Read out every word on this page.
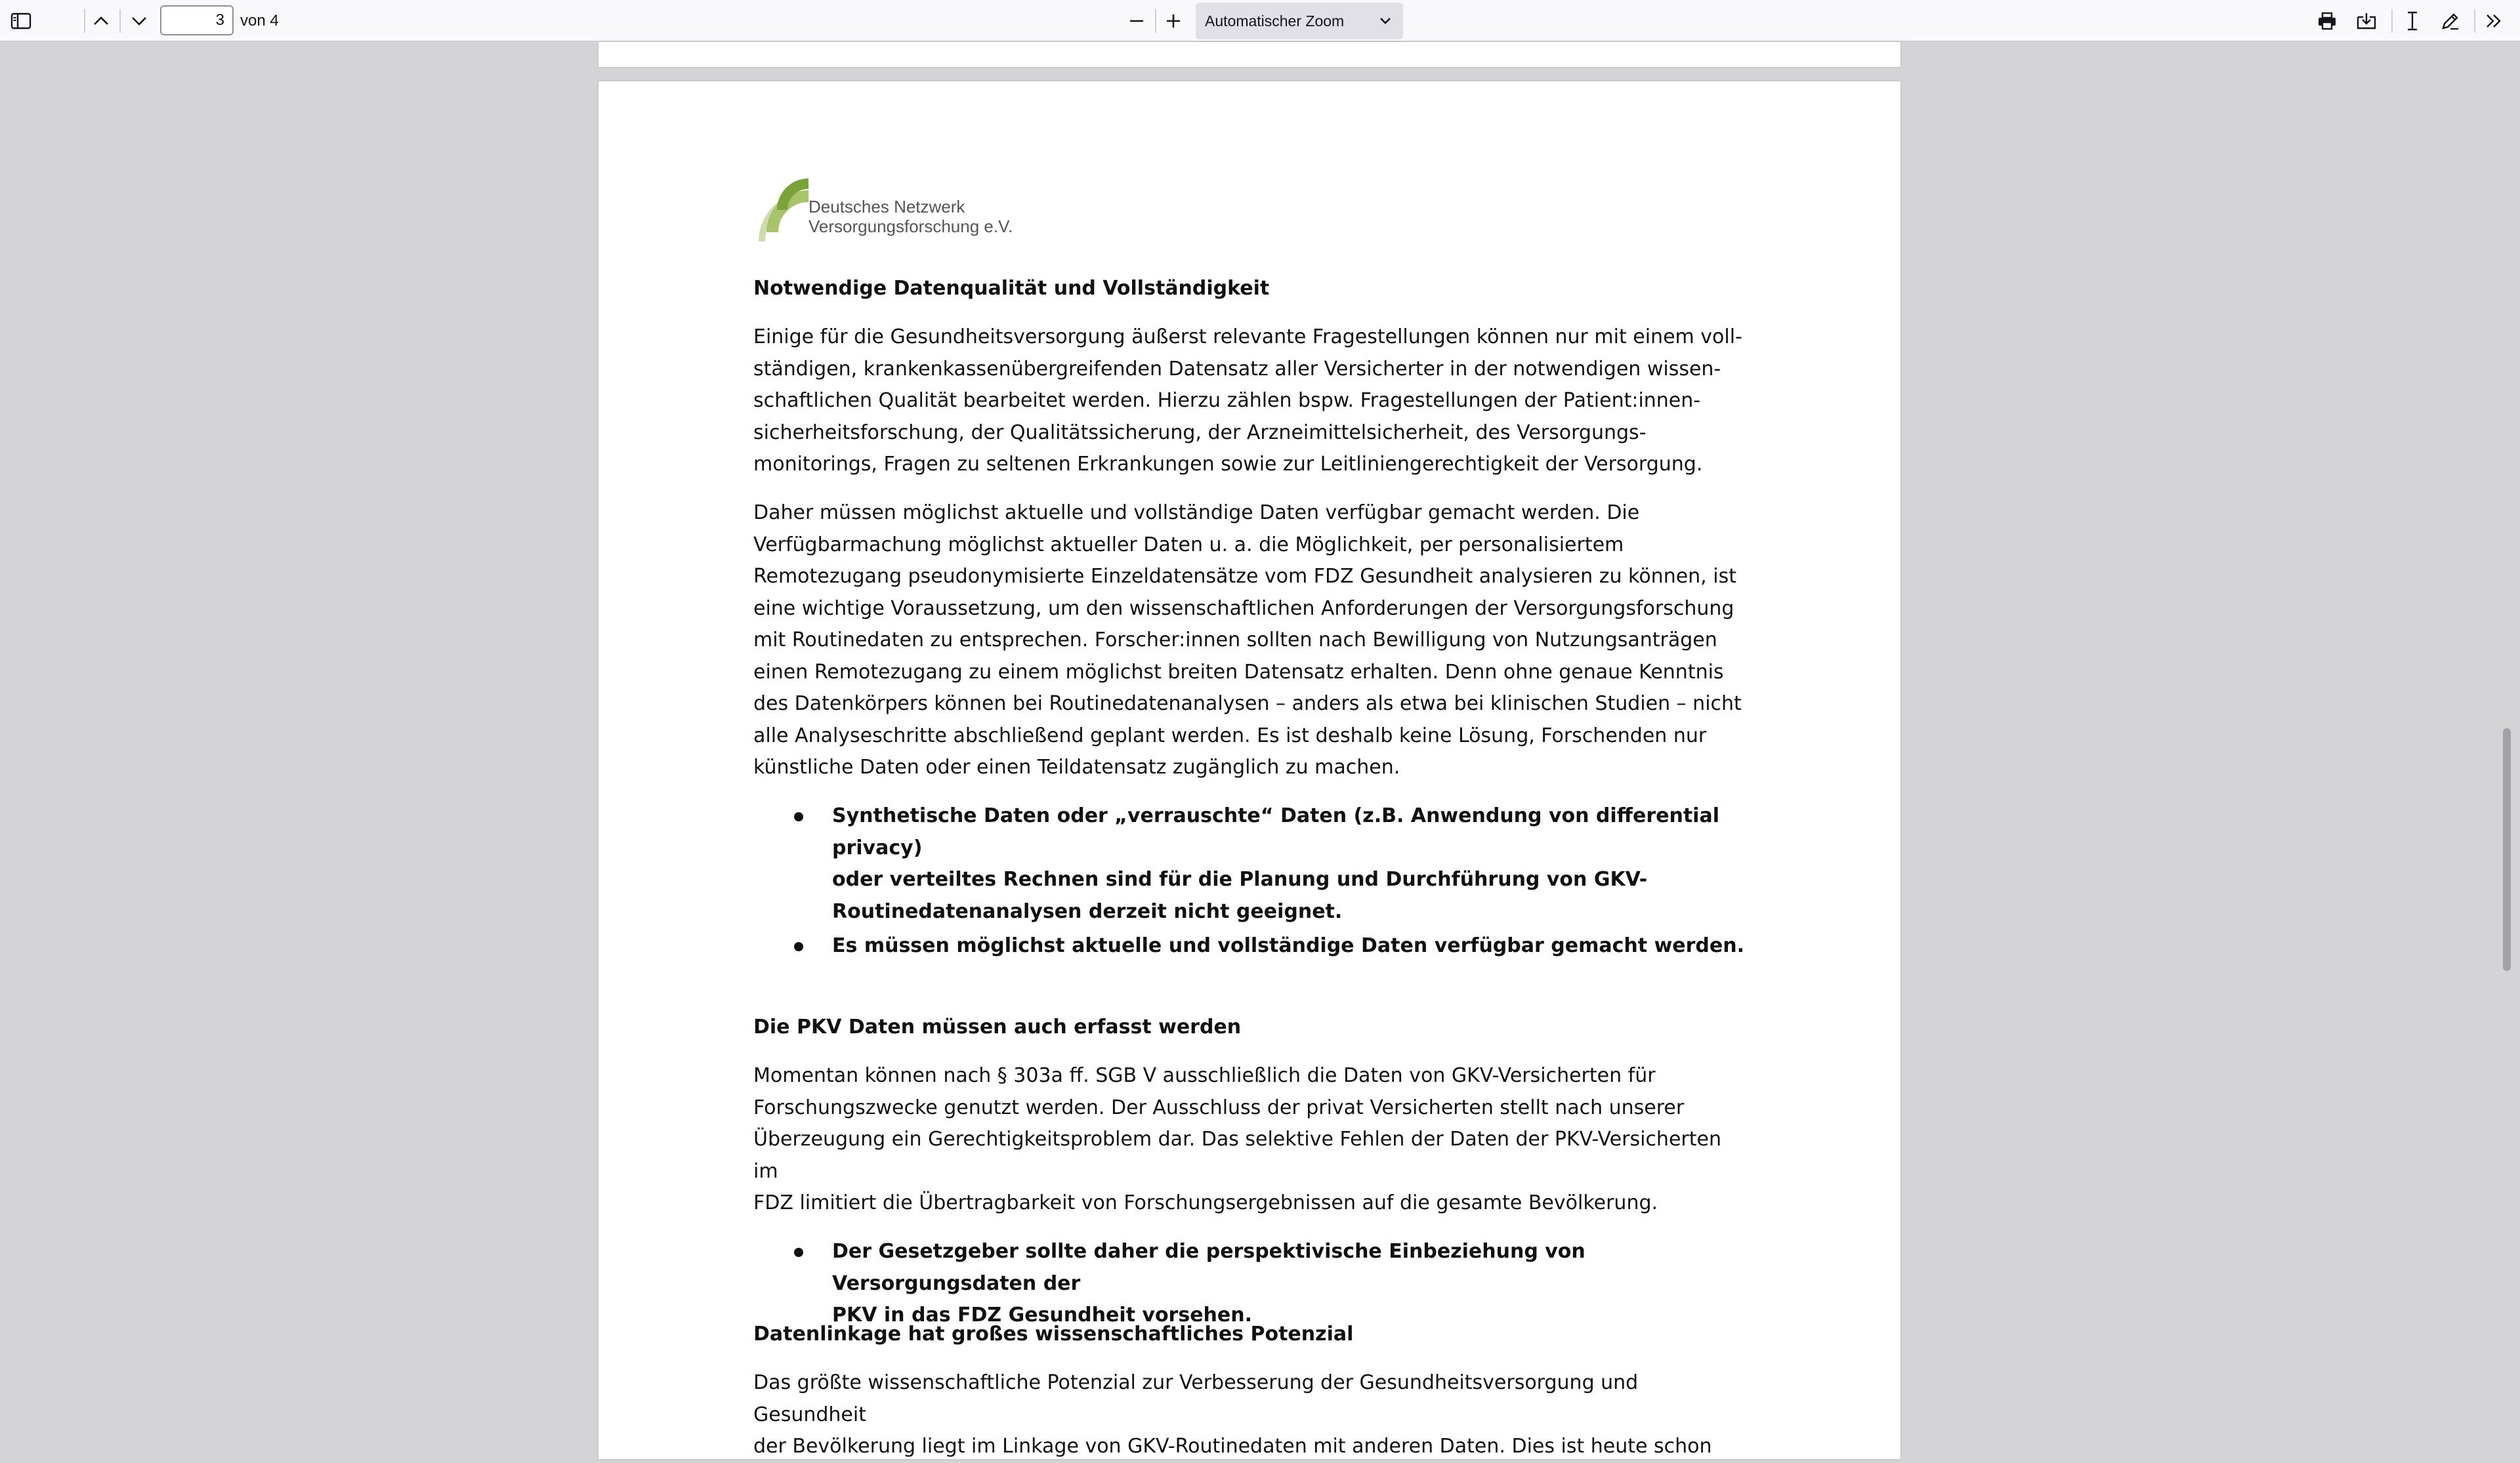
3
von 4	Automatischer Zoom
Deutsches Netzwerk
Versorgungsforschung e.V.
Notwendige Datenqualität und Vollständigkeit
Einige für die Gesundheitsversorgung äußerst relevante Fragestellungen können nur mit einem voll-
ständigen, krankenkassenübergreifenden Datensatz aller Versicherter in der notwendigen wissen-
schaftlichen Qualität bearbeitet werden. Hierzu zählen bspw. Fragestellungen der Patient:innen-
sicherheitsforschung, der Qualitätssicherung, der Arzneimittelsicherheit, des Versorgungs-
monitorings, Fragen zu seltenen Erkrankungen sowie zur Leitliniengerechtigkeit der Versorgung.
Daher müssen möglichst aktuelle und vollständige Daten verfügbar gemacht werden. Die
Verfügbarmachung möglichst aktueller Daten u. a. die Möglichkeit, per personalisiertem
Remotezugang pseudonymisierte Einzeldatensätze vom FDZ Gesundheit analysieren zu können, ist
eine wichtige Voraussetzung, um den wissenschaftlichen Anforderungen der Versorgungsforschung
mit Routinedaten zu entsprechen. Forscher:innen sollten nach Bewilligung von Nutzungsanträgen
einen Remotezugang zu einem möglichst breiten Datensatz erhalten. Denn ohne genaue Kenntnis
des Datenkörpers können bei Routinedatenanalysen – anders als etwa bei klinischen Studien – nicht
alle Analyseschritte abschließend geplant werden. Es ist deshalb keine Lösung, Forschenden nur
künstliche Daten oder einen Teildatensatz zugänglich zu machen.
Synthetische Daten oder „verrauschte“ Daten (z.B. Anwendung von differential privacy)
oder verteiltes Rechnen sind für die Planung und Durchführung von GKV-
Routinedatenanalysen derzeit nicht geeignet.
Es müssen möglichst aktuelle und vollständige Daten verfügbar gemacht werden.
Die PKV Daten müssen auch erfasst werden
Momentan können nach § 303a ff. SGB V ausschließlich die Daten von GKV-Versicherten für
Forschungszwecke genutzt werden. Der Ausschluss der privat Versicherten stellt nach unserer
Überzeugung ein Gerechtigkeitsproblem dar. Das selektive Fehlen der Daten der PKV-Versicherten im
FDZ limitiert die Übertragbarkeit von Forschungsergebnissen auf die gesamte Bevölkerung.
Der Gesetzgeber sollte daher die perspektivische Einbeziehung von Versorgungsdaten der
PKV in das FDZ Gesundheit vorsehen.
Datenlinkage hat großes wissenschaftliches Potenzial
Das größte wissenschaftliche Potenzial zur Verbesserung der Gesundheitsversorgung und Gesundheit
der Bevölkerung liegt im Linkage von GKV-Routinedaten mit anderen Daten. Dies ist heute schon
